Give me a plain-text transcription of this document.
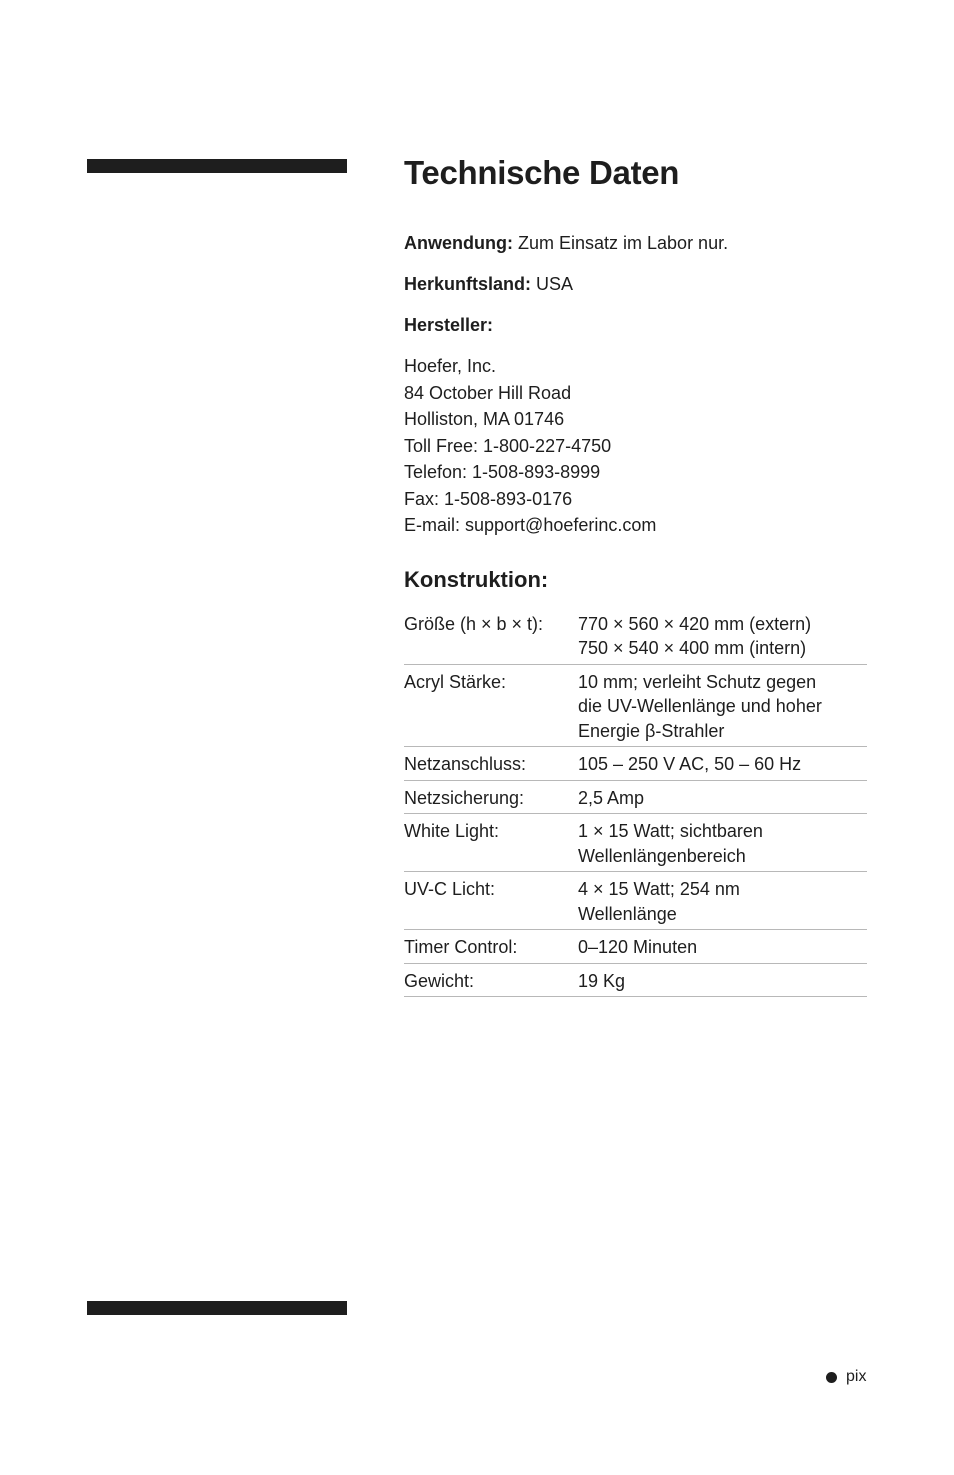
Technische Daten

Anwendung: Zum Einsatz im Labor nur.

Herkunftsland: USA

Hersteller:

Hoefer, Inc.
84 October Hill Road
Holliston, MA 01746
Toll Free: 1-800-227-4750
Telefon: 1-508-893-8999
Fax: 1-508-893-0176
E-mail: support@hoeferinc.com
Konstruktion:
Größe (h × b × t):	770 × 560 × 420 mm (extern)
750 × 540 × 400 mm (intern)

Acryl Stärke:	10 mm; verleiht Schutz gegen
die UV-Wellenlänge und hoher
Energie β-Strahler

Netzanschluss:	105 – 250 V AC, 50 – 60 Hz

Netzsicherung:	2,5 Amp

White Light:	1 × 15 Watt; sichtbaren
Wellenlängenbereich

UV-C Licht:	4 × 15 Watt; 254 nm
Wellenlänge

Timer Control:	0–120 Minuten

Gewicht:	19 Kg
pix
